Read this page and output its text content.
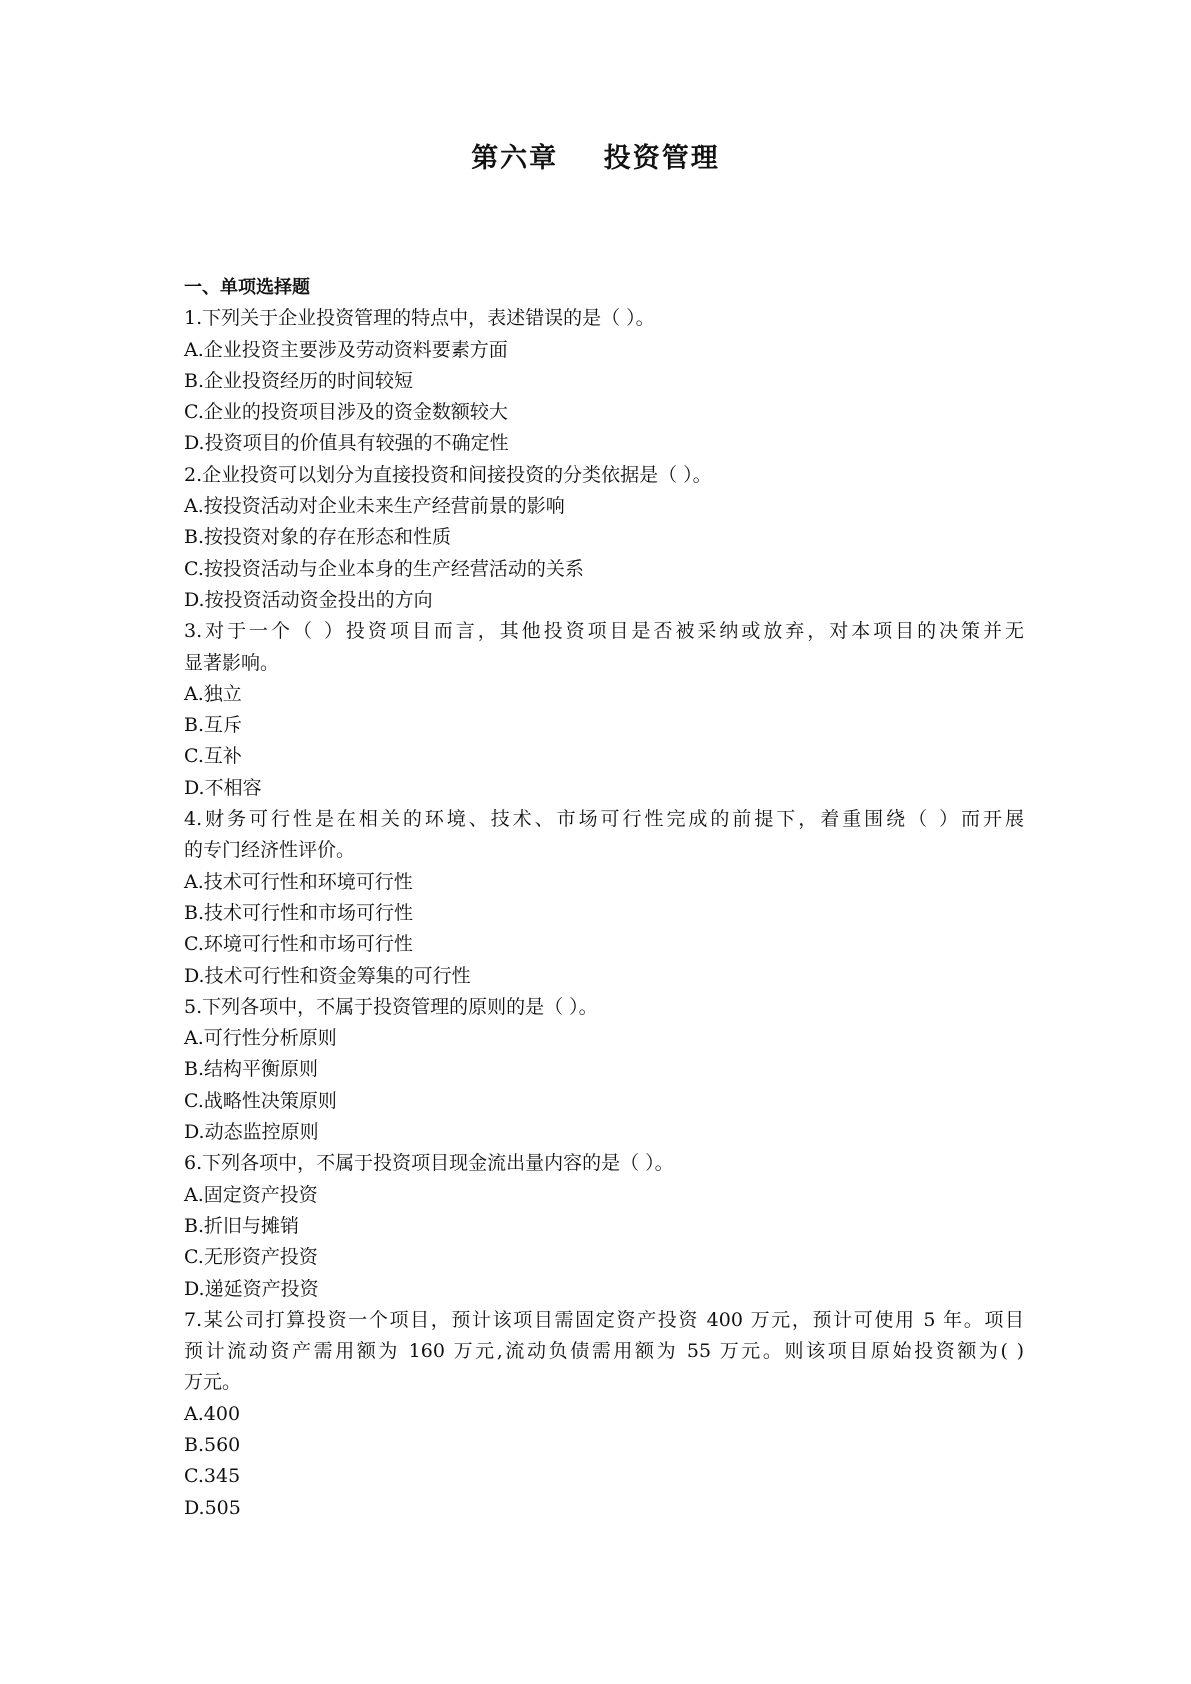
第六章    投资管理
一、单项选择题
1.下列关于企业投资管理的特点中，表述错误的是（ ）。
A.企业投资主要涉及劳动资料要素方面
B.企业投资经历的时间较短
C.企业的投资项目涉及的资金数额较大
D.投资项目的价值具有较强的不确定性
2.企业投资可以划分为直接投资和间接投资的分类依据是（ ）。
A.按投资活动对企业未来生产经营前景的影响
B.按投资对象的存在形态和性质
C.按投资活动与企业本身的生产经营活动的关系
D.按投资活动资金投出的方向
3.对于一个（ ）投资项目而言，其他投资项目是否被采纳或放弃，对本项目的决策并无
显著影响。
A.独立
B.互斥
C.互补
D.不相容
4.财务可行性是在相关的环境、技术、市场可行性完成的前提下，着重围绕（ ）而开展
的专门经济性评价。
A.技术可行性和环境可行性
B.技术可行性和市场可行性
C.环境可行性和市场可行性
D.技术可行性和资金筹集的可行性
5.下列各项中，不属于投资管理的原则的是（ ）。
A.可行性分析原则
B.结构平衡原则
C.战略性决策原则
D.动态监控原则
6.下列各项中，不属于投资项目现金流出量内容的是（ ）。
A.固定资产投资
B.折旧与摊销
C.无形资产投资
D.递延资产投资
7.某公司打算投资一个项目，预计该项目需固定资产投资 400 万元，预计可使用 5 年。项目
预计流动资产需用额为 160 万元,流动负债需用额为 55 万元。则该项目原始投资额为( )
万元。
A.400
B.560
C.345
D.505
